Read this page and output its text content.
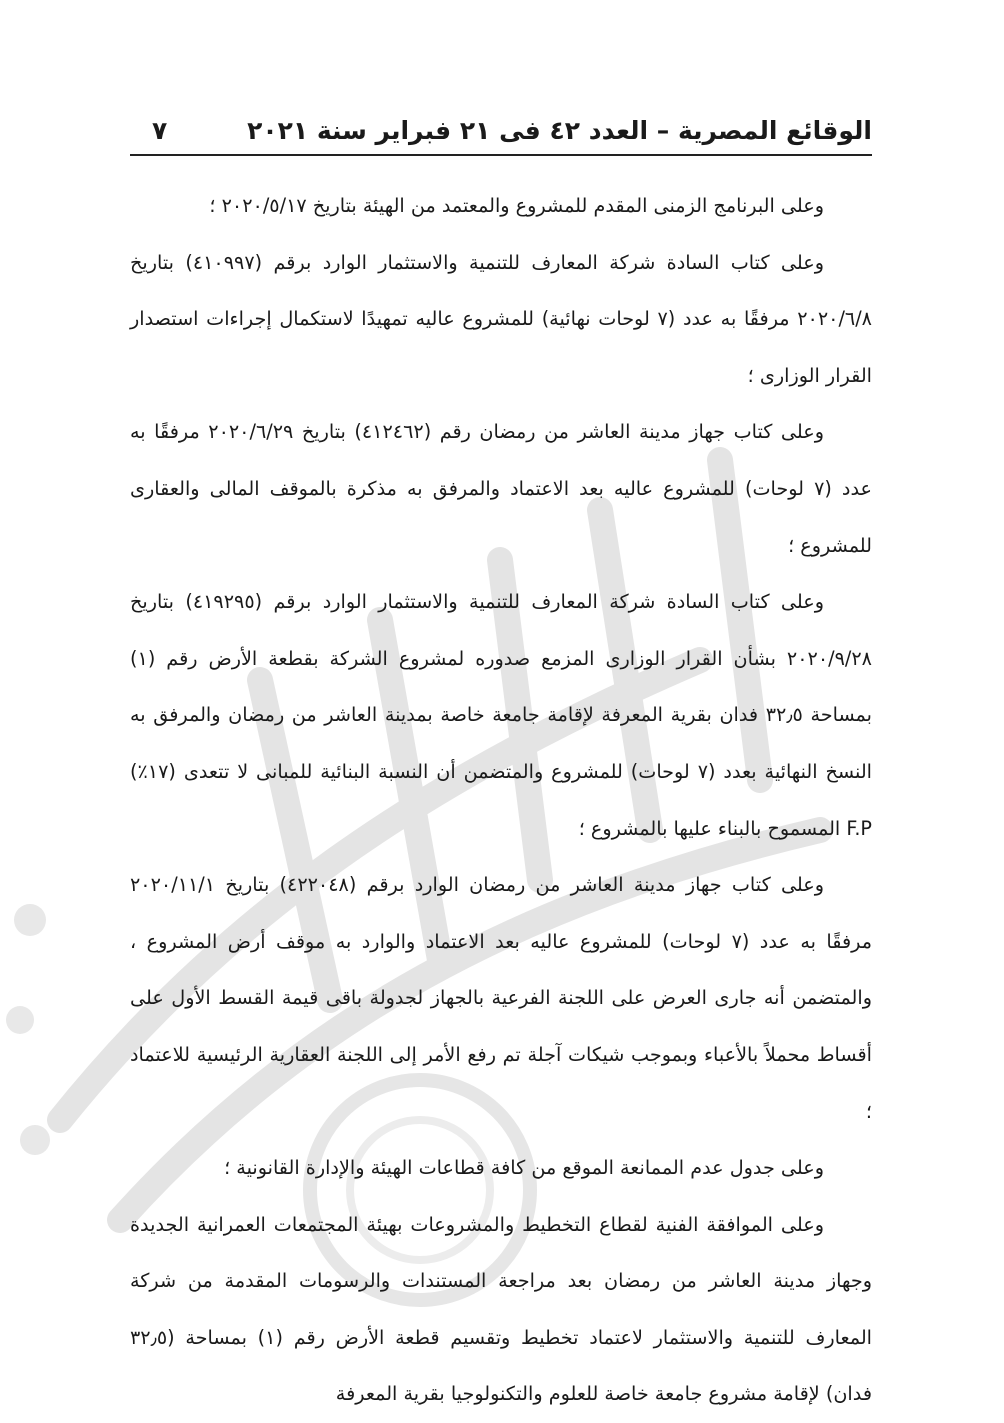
الوقائع المصرية – العدد ٤٢ فى ٢١ فبراير سنة ٢٠٢١
٧

وعلى البرنامج الزمنى المقدم للمشروع والمعتمد من الهيئة بتاريخ ٢٠٢٠/٥/١٧ ؛

وعلى كتاب السادة شركة المعارف للتنمية والاستثمار الوارد برقم (٤١٠٩٩٧) بتاريخ ٢٠٢٠/٦/٨ مرفقًا به عدد (٧ لوحات نهائية) للمشروع عاليه تمهيدًا لاستكمال إجراءات استصدار القرار الوزارى ؛

وعلى كتاب جهاز مدينة العاشر من رمضان رقم (٤١٢٤٦٢) بتاريخ ٢٠٢٠/٦/٢٩ مرفقًا به عدد (٧ لوحات) للمشروع عاليه بعد الاعتماد والمرفق به مذكرة بالموقف المالى والعقارى للمشروع ؛

وعلى كتاب السادة شركة المعارف للتنمية والاستثمار الوارد برقم (٤١٩٢٩٥) بتاريخ ٢٠٢٠/٩/٢٨ بشأن القرار الوزارى المزمع صدوره لمشروع الشركة بقطعة الأرض رقم (١) بمساحة ٣٢٫٥ فدان بقرية المعرفة لإقامة جامعة خاصة بمدينة العاشر من رمضان والمرفق به النسخ النهائية بعدد (٧ لوحات) للمشروع والمتضمن أن النسبة البنائية للمبانى لا تتعدى (١٧٪) F.P المسموح بالبناء عليها بالمشروع ؛

وعلى كتاب جهاز مدينة العاشر من رمضان الوارد برقم (٤٢٢٠٤٨) بتاريخ ٢٠٢٠/١١/١ مرفقًا به عدد (٧ لوحات) للمشروع عاليه بعد الاعتماد والوارد به موقف أرض المشروع ، والمتضمن أنه جارى العرض على اللجنة الفرعية بالجهاز لجدولة باقى قيمة القسط الأول على أقساط محملاً بالأعباء وبموجب شيكات آجلة تم رفع الأمر إلى اللجنة العقارية الرئيسية للاعتماد ؛

وعلى جدول عدم الممانعة الموقع من كافة قطاعات الهيئة والإدارة القانونية ؛

وعلى الموافقة الفنية لقطاع التخطيط والمشروعات بهيئة المجتمعات العمرانية الجديدة وجهاز مدينة العاشر من رمضان بعد مراجعة المستندات والرسومات المقدمة من شركة المعارف للتنمية والاستثمار لاعتماد تخطيط وتقسيم قطعة الأرض رقم (١) بمساحة (٣٢٫٥ فدان) لإقامة مشروع جامعة خاصة للعلوم والتكنولوجيا بقرية المعرفة
